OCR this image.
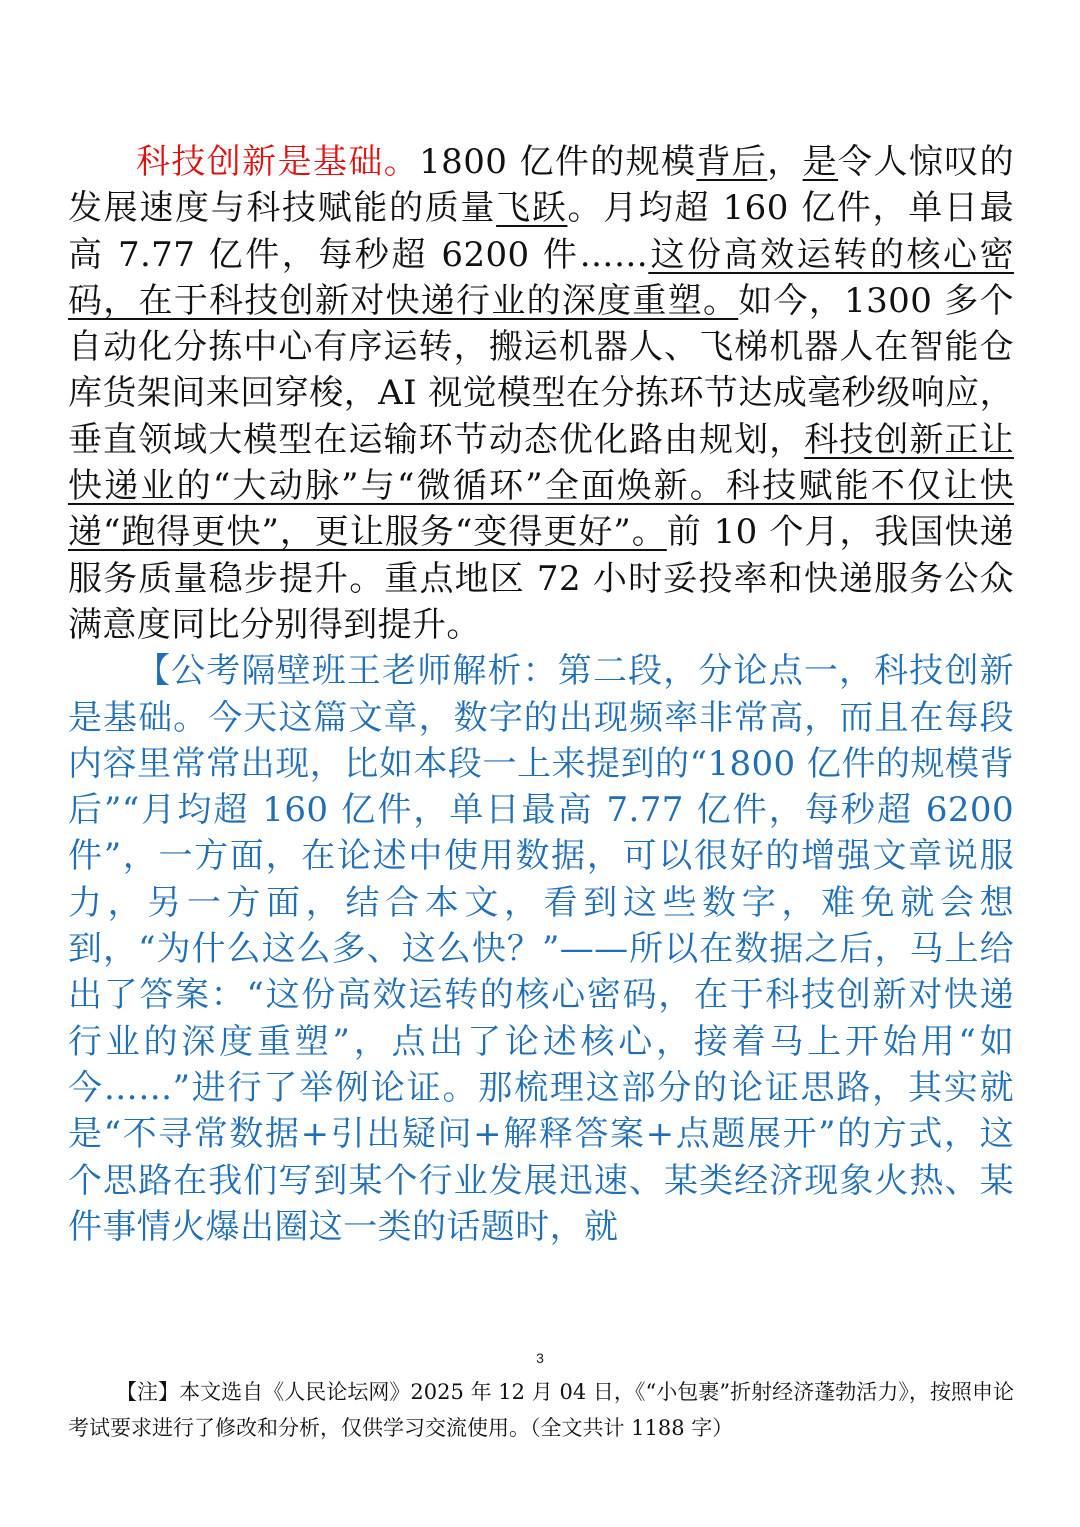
科技创新是基础。1800 亿件的规模背后，是令人惊叹的发展速度与科技赋能的质量飞跃。月均超 160 亿件，单日最高 7.77 亿件，每秒超 6200 件……这份高效运转的核心密码，在于科技创新对快递行业的深度重塑。如今，1300 多个自动化分拣中心有序运转，搬运机器人、飞梯机器人在智能仓库货架间来回穿梭，AI 视觉模型在分拣环节达成毫秒级响应，垂直领域大模型在运输环节动态优化路由规划，科技创新正让快递业的“大动脉”与“微循环”全面焕新。科技赋能不仅让快递“跑得更快”，更让服务“变得更好”。前 10 个月，我国快递服务质量稳步提升。重点地区 72 小时妥投率和快递服务公众满意度同比分别得到提升。

【公考隔壁班王老师解析：第二段，分论点一，科技创新是基础。今天这篇文章，数字的出现频率非常高，而且在每段内容里常常出现，比如本段一上来提到的“1800 亿件的规模背后”“月均超 160 亿件，单日最高 7.77 亿件，每秒超 6200 件”，一方面，在论述中使用数据，可以很好的增强文章说服力，另一方面，结合本文，看到这些数字，难免就会想到，“为什么这么多、这么快？”——所以在数据之后，马上给出了答案：“这份高效运转的核心密码，在于科技创新对快递行业的深度重塑”，点出了论述核心，接着马上开始用“如今……”进行了举例论证。那梳理这部分的论证思路，其实就是“不寻常数据+引出疑问+解释答案+点题展开”的方式，这个思路在我们写到某个行业发展迅速、某类经济现象火热、某件事情火爆出圈这一类的话题时，就

3
【注】本文选自《人民论坛网》2025 年 12 月 04 日，《“小包裹”折射经济蓬勃活力》，按照申论考试要求进行了修改和分析，仅供学习交流使用。（全文共计 1188 字）
